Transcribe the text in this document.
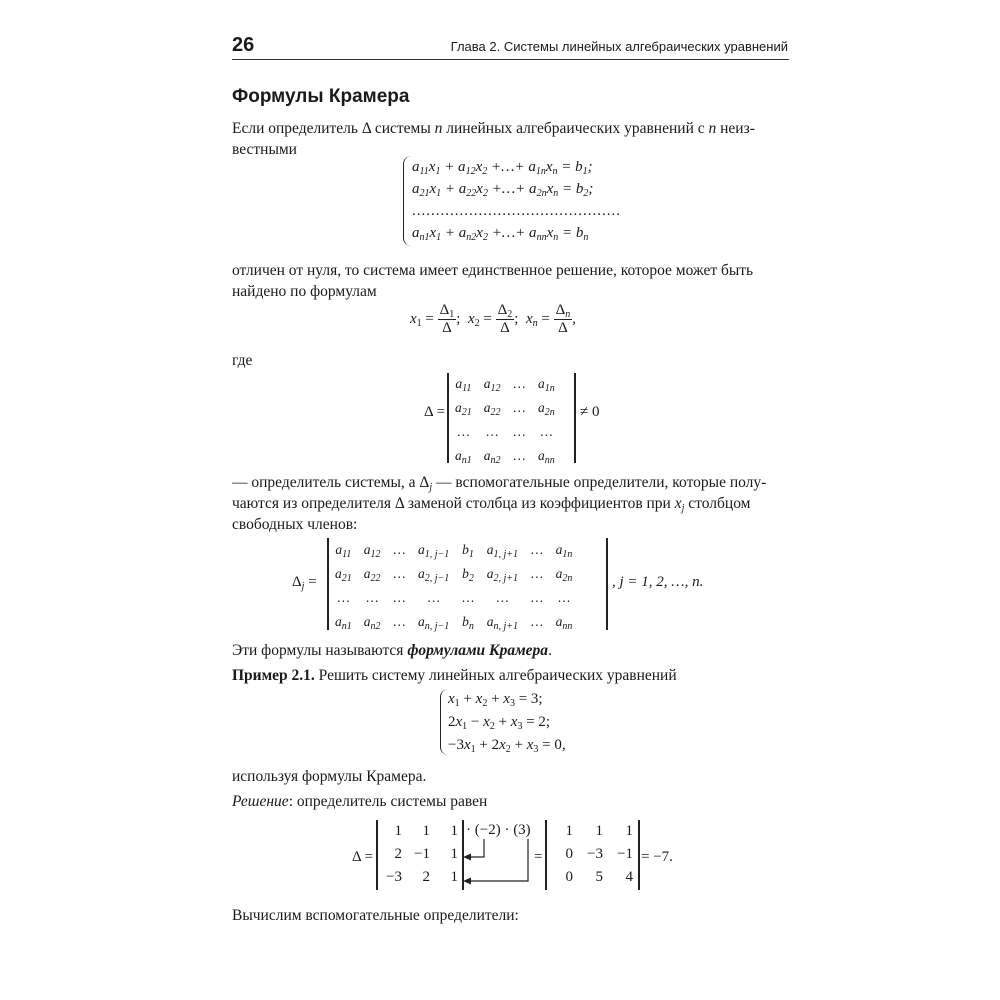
26	Глава 2. Системы линейных алгебраических уравнений
Формулы Крамера
Если определитель Δ системы n линейных алгебраических уравнений с n неиз-
вестными
$a_{11}x_1 + a_{12}x_2$ +…+ $a_{1n}x_n = b_1$;
$a_{21}x_1 + a_{22}x_2$ +…+ $a_{2n}x_n = b_2$;
............................................
$a_{n1}x_1 + a_{n2}x_2$ +…+ $a_{nn}x_n = b_n$
отличен от нуля, то система имеет единственное решение, которое может быть
найдено по формулам
$x_1 = \frac{\Delta_1}{\Delta}$ ;  $x_2 = \frac{\Delta_2}{\Delta}$ ;  $x_n = \frac{\Delta_n}{\Delta}$ ,
где
Δ =
$a_{11}$	$a_{12}$	…	$a_{1n}$
$a_{21}$	$a_{22}$	…	$a_{2n}$
…	…	…	…
$a_{n1}$	$a_{n2}$	…	$a_{nn}$
≠ 0
— определитель системы, а $\Delta_j$ — вспомогательные определители, которые полу-
чаются из определителя Δ заменой столбца из коэффициентов при $x_j$ столбцом
свободных членов:
$\Delta_j$ =
$a_{11}$	$a_{12}$	…	$a_{1, j-1}$	$b_1$	$a_{1, j+1}$	…	$a_{1n}$
$a_{21}$	$a_{22}$	…	$a_{2, j-1}$	$b_2$	$a_{2, j+1}$	…	$a_{2n}$
…	…	…	…	…	…	…	…
$a_{n1}$	$a_{n2}$	…	$a_{n, j-1}$	$b_n$	$a_{n, j+1}$	…	$a_{nn}$
, j = 1, 2, …, n.
Эти формулы называются формулами Крамера.
Пример 2.1. Решить систему линейных алгебраических уравнений
$x_1 + x_2 + x_3 = 3$;
$2x_1 - x_2 + x_3 = 2$;
$-3x_1 + 2x_2 + x_3 = 0$,
используя формулы Крамера.
Решение: определитель системы равен
Δ =
1	1	1
2 −1	1
−3	2	1
· (−2) · (3)
=
1	1	1
0 −3 −1
0	5	4
= −7.
Вычислим вспомогательные определители:
